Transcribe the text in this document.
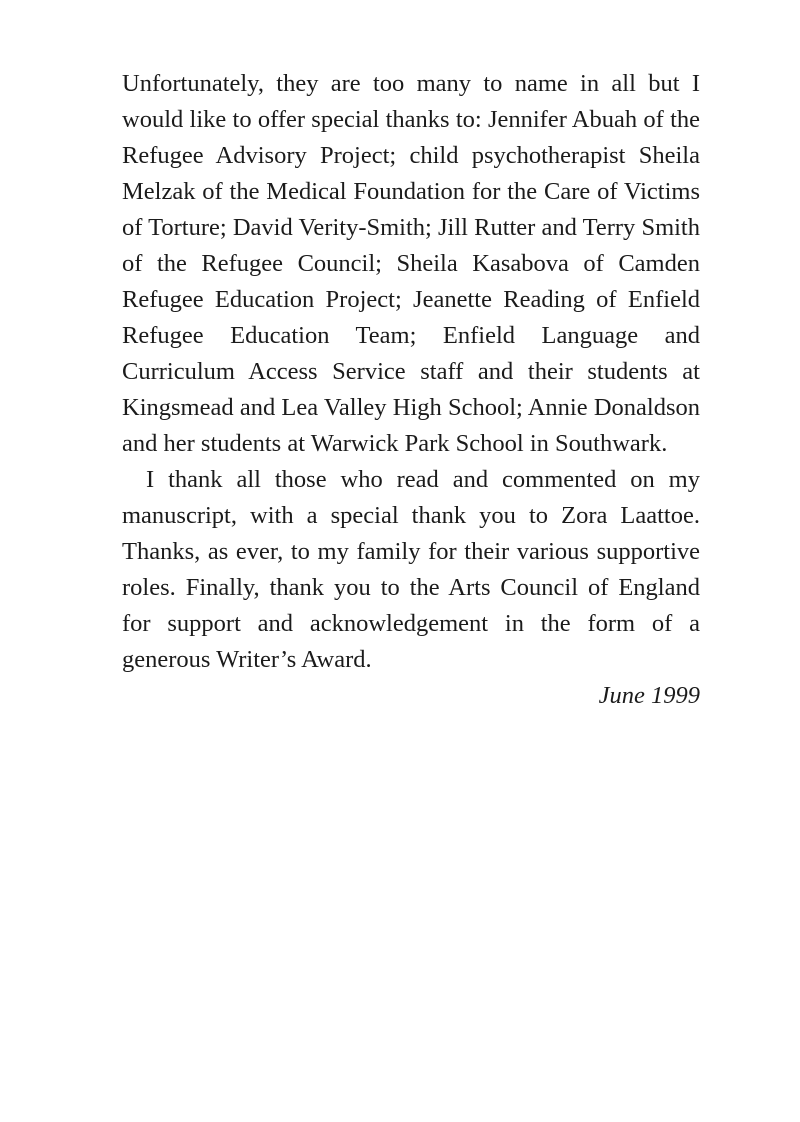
Unfortunately, they are too many to name in all but I would like to offer special thanks to: Jennifer Abuah of the Refugee Advisory Project; child psychotherapist Sheila Melzak of the Medical Foundation for the Care of Victims of Torture; David Verity-Smith; Jill Rutter and Terry Smith of the Refugee Council; Sheila Kasabova of Camden Refugee Education Project; Jeanette Reading of Enfield Refugee Education Team; Enfield Language and Curriculum Access Service staff and their students at Kingsmead and Lea Valley High School; Annie Donaldson and her students at Warwick Park School in Southwark.

I thank all those who read and commented on my manuscript, with a special thank you to Zora Laattoe. Thanks, as ever, to my family for their various supportive roles. Finally, thank you to the Arts Council of England for support and acknowledgement in the form of a generous Writer’s Award.

June 1999
